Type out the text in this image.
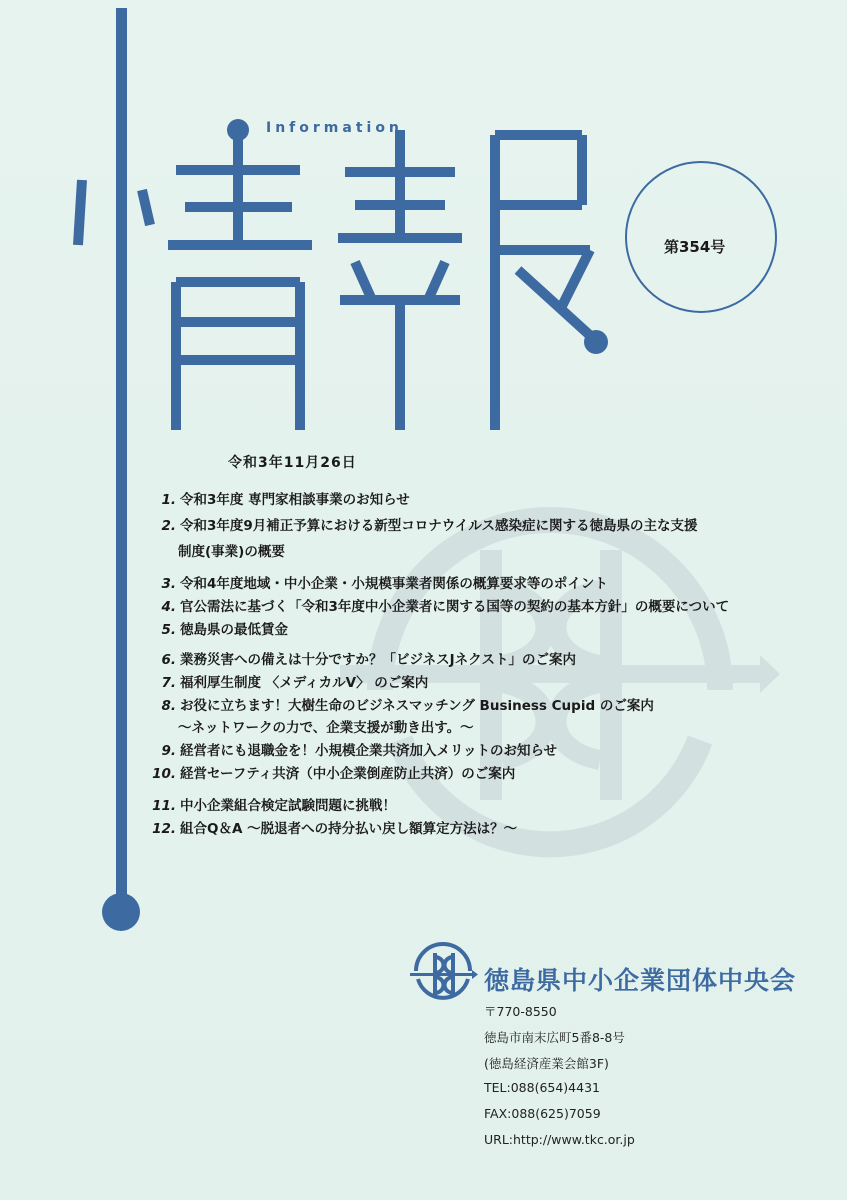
Information
第354号
令和3年11月26日
1. 令和3年度 専門家相談事業のお知らせ
2. 令和3年度9月補正予算における新型コロナウイルス感染症に関する徳島県の主な支援
制度(事業)の概要
3. 令和4年度地域・中小企業・小規模事業者関係の概算要求等のポイント
4. 官公需法に基づく「令和3年度中小企業者に関する国等の契約の基本方針」の概要について
5. 徳島県の最低賃金
6. 業務災害への備えは十分ですか？「ビジネスJネクスト」のご案内
7. 福利厚生制度 〈メディカルV〉 のご案内
8. お役に立ちます！大樹生命のビジネスマッチング Business Cupid のご案内
～ネットワークの力で、企業支援が動き出す。～
9. 経営者にも退職金を！小規模企業共済加入メリットのお知らせ
10. 経営セーフティ共済（中小企業倒産防止共済）のご案内
11. 中小企業組合検定試験問題に挑戦！
12. 組合Q＆A ～脱退者への持分払い戻し額算定方法は？～
徳島県中小企業団体中央会
〒770-8550
徳島市南末広町5番8-8号
(徳島経済産業会館3F)
TEL:088(654)4431
FAX:088(625)7059
URL:http://www.tkc.or.jp
